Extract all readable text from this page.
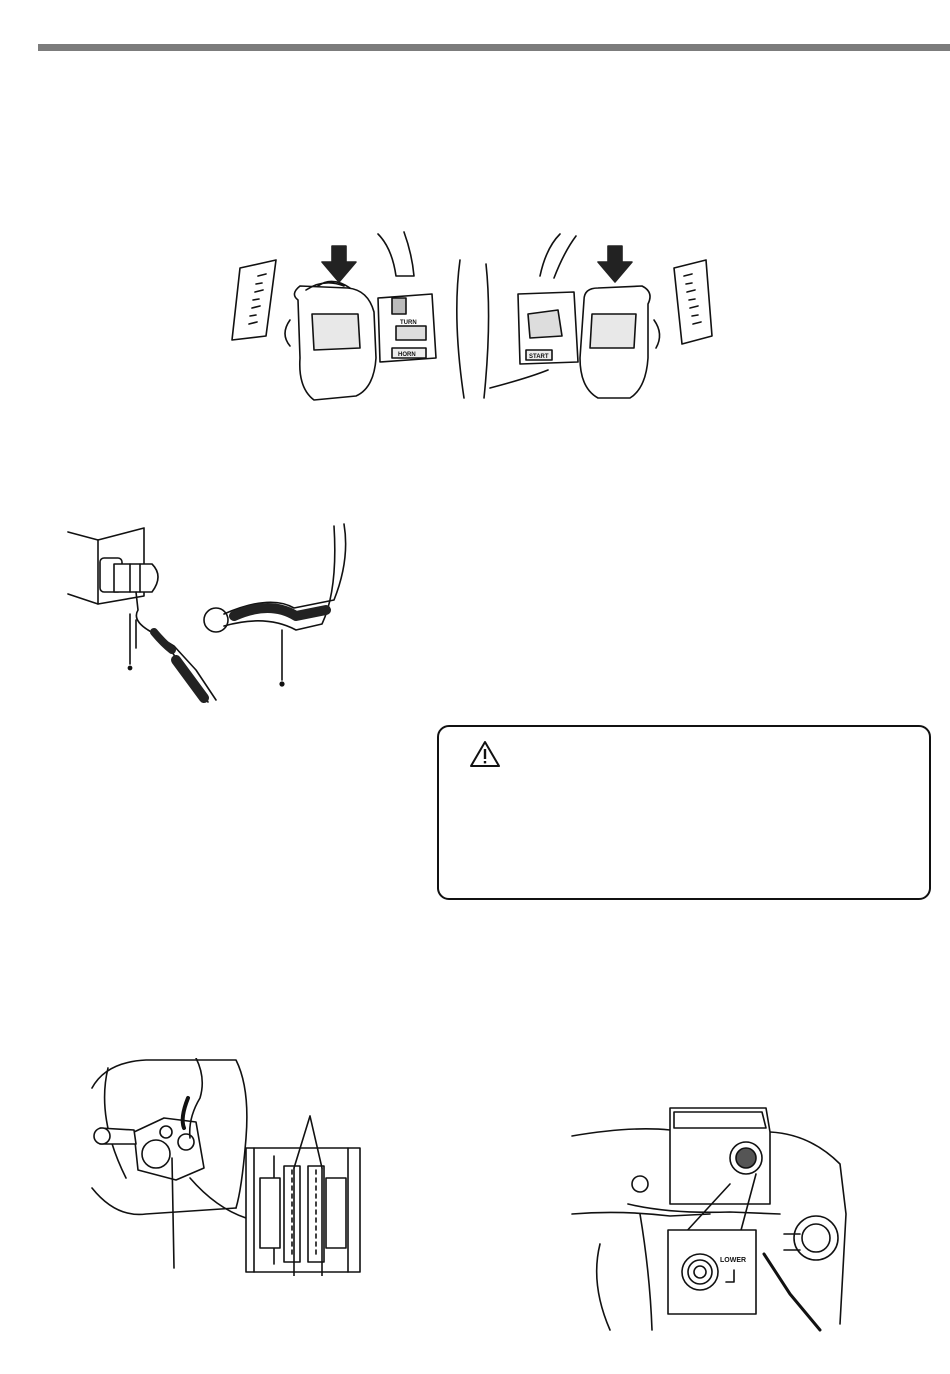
TURN
HORN	START
LOWER
